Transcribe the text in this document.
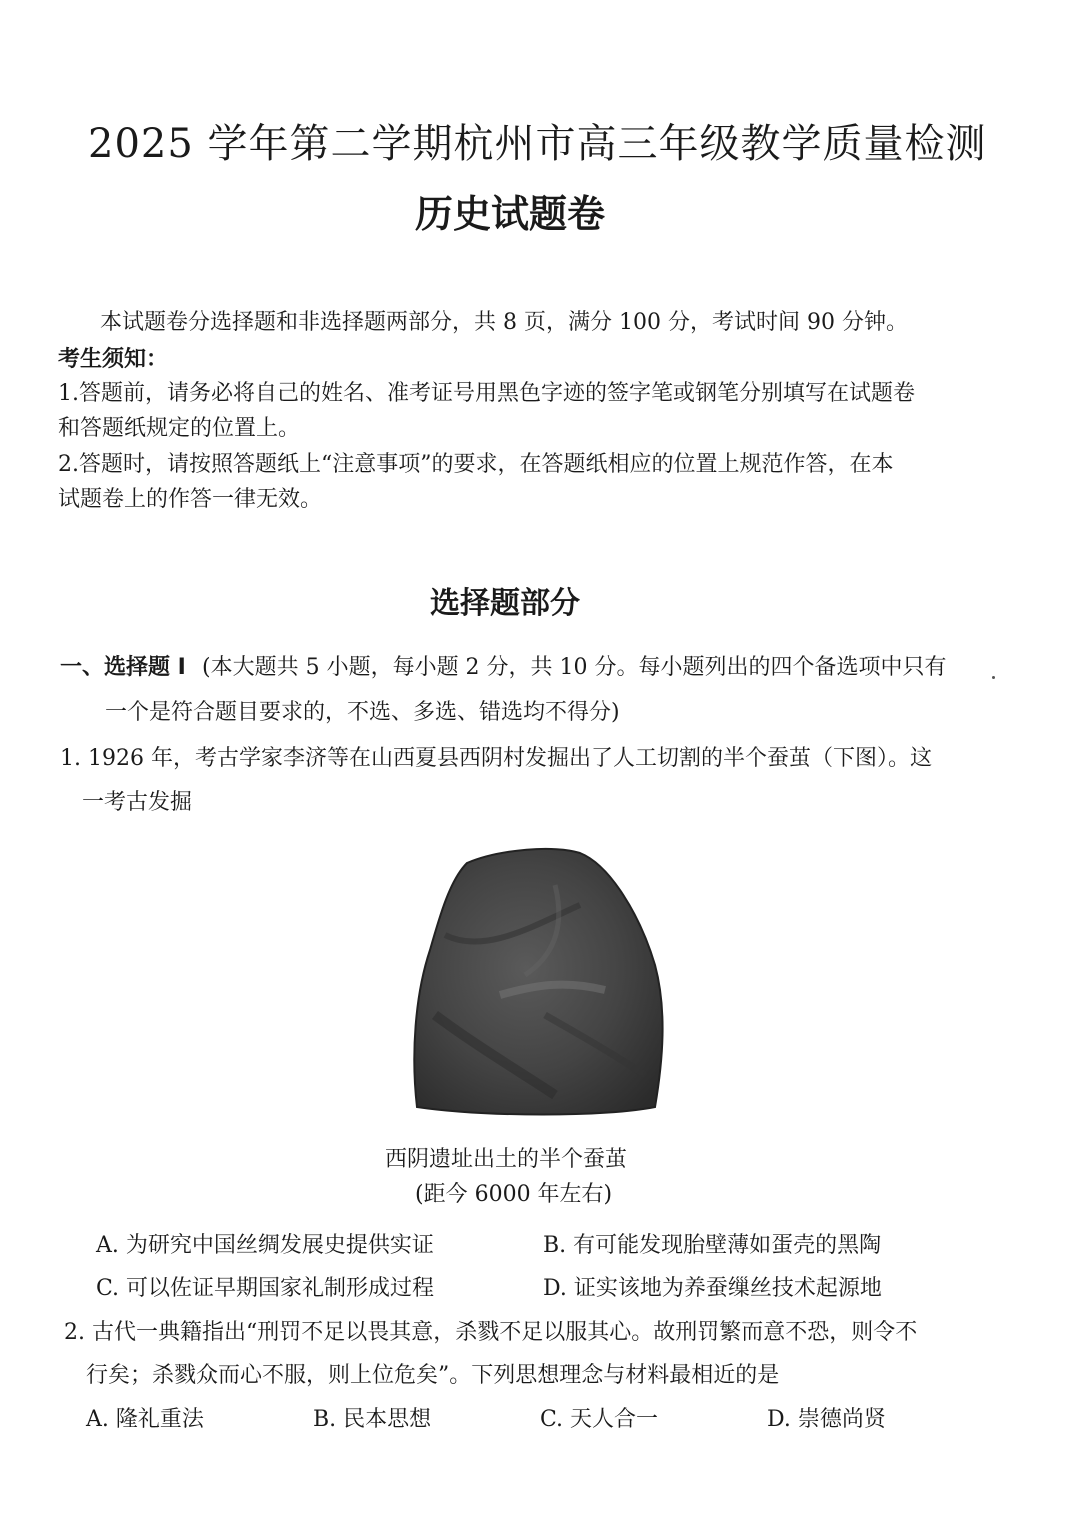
2025 学年第二学期杭州市高三年级教学质量检测
历史试题卷
本试题卷分选择题和非选择题两部分，共 8 页，满分 100 分，考试时间 90 分钟。
考生须知：
1.答题前，请务必将自己的姓名、准考证号用黑色字迹的签字笔或钢笔分别填写在试题卷
和答题纸规定的位置上。
2.答题时，请按照答题纸上“注意事项”的要求，在答题纸相应的位置上规范作答，在本
试题卷上的作答一律无效。
选择题部分
一、选择题 Ⅰ (本大题共 5 小题，每小题 2 分，共 10 分。每小题列出的四个备选项中只有
一个是符合题目要求的，不选、多选、错选均不得分)
1. 1926 年，考古学家李济等在山西夏县西阴村发掘出了人工切割的半个蚕茧（下图）。这
一考古发掘
西阴遗址出土的半个蚕茧
(距今 6000 年左右)
A. 为研究中国丝绸发展史提供实证	B. 有可能发现胎壁薄如蛋壳的黑陶
C. 可以佐证早期国家礼制形成过程	D. 证实该地为养蚕缫丝技术起源地
2. 古代一典籍指出“刑罚不足以畏其意，杀戮不足以服其心。故刑罚繁而意不恐，则令不
行矣；杀戮众而心不服，则上位危矣”。下列思想理念与材料最相近的是
A. 隆礼重法	B. 民本思想	C. 天人合一	D. 崇德尚贤
